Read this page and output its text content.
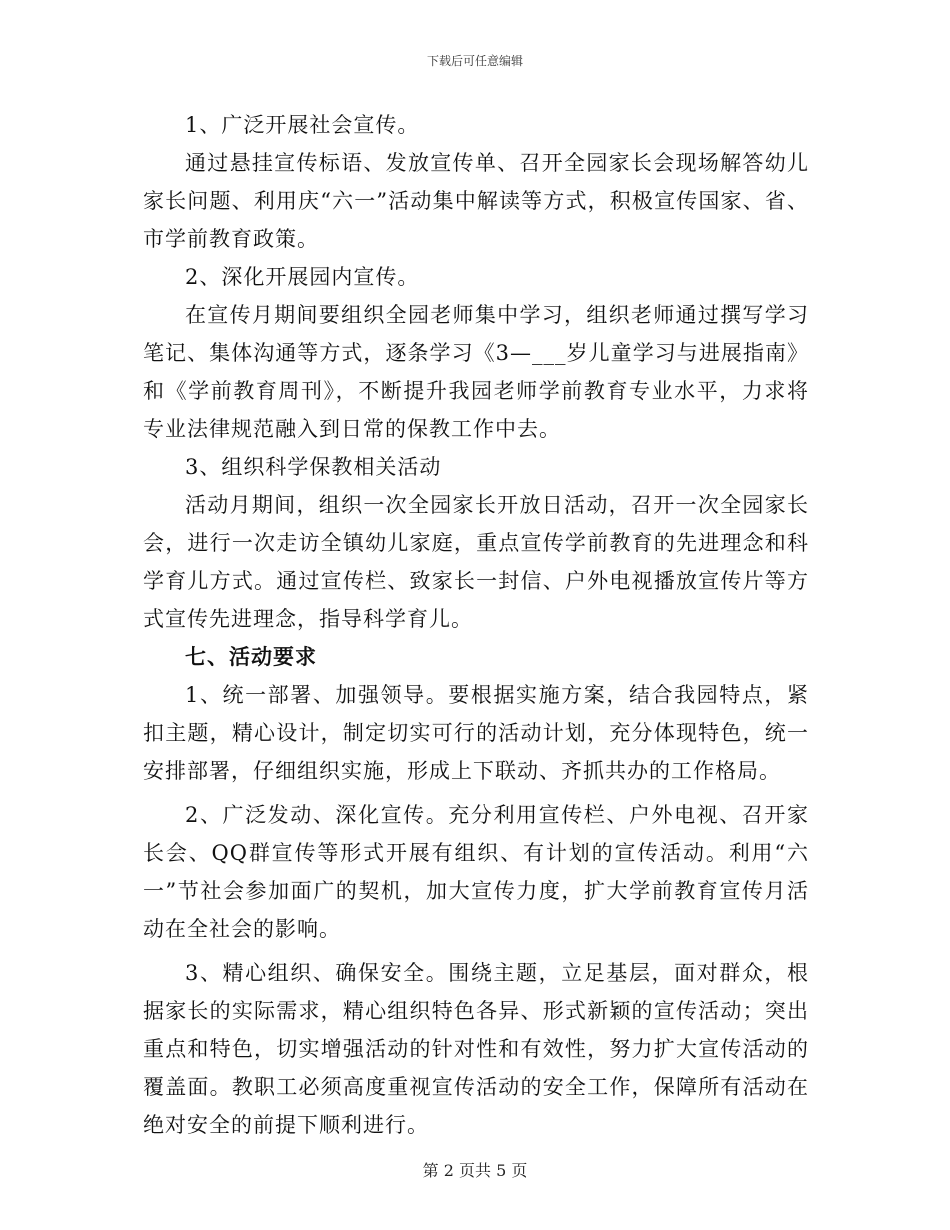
下载后可任意编辑

1、广泛开展社会宣传。

通过悬挂宣传标语、发放宣传单、召开全园家长会现场解答幼儿家长问题、利用庆“六一”活动集中解读等方式，积极宣传国家、省、市学前教育政策。

2、深化开展园内宣传。

在宣传月期间要组织全园老师集中学习，组织老师通过撰写学习笔记、集体沟通等方式，逐条学习《3—___岁儿童学习与进展指南》和《学前教育周刊》，不断提升我园老师学前教育专业水平，力求将专业法律规范融入到日常的保教工作中去。

3、组织科学保教相关活动

活动月期间，组织一次全园家长开放日活动，召开一次全园家长会，进行一次走访全镇幼儿家庭，重点宣传学前教育的先进理念和科学育儿方式。通过宣传栏、致家长一封信、户外电视播放宣传片等方式宣传先进理念，指导科学育儿。

七、活动要求

1、统一部署、加强领导。要根据实施方案，结合我园特点，紧扣主题，精心设计，制定切实可行的活动计划，充分体现特色，统一安排部署，仔细组织实施，形成上下联动、齐抓共办的工作格局。

2、广泛发动、深化宣传。充分利用宣传栏、户外电视、召开家长会、QQ群宣传等形式开展有组织、有计划的宣传活动。利用“六一”节社会参加面广的契机，加大宣传力度，扩大学前教育宣传月活动在全社会的影响。

3、精心组织、确保安全。围绕主题，立足基层，面对群众，根据家长的实际需求，精心组织特色各异、形式新颖的宣传活动；突出重点和特色，切实增强活动的针对性和有效性，努力扩大宣传活动的覆盖面。教职工必须高度重视宣传活动的安全工作，保障所有活动在绝对安全的前提下顺利进行。

第 2 页共 5 页
